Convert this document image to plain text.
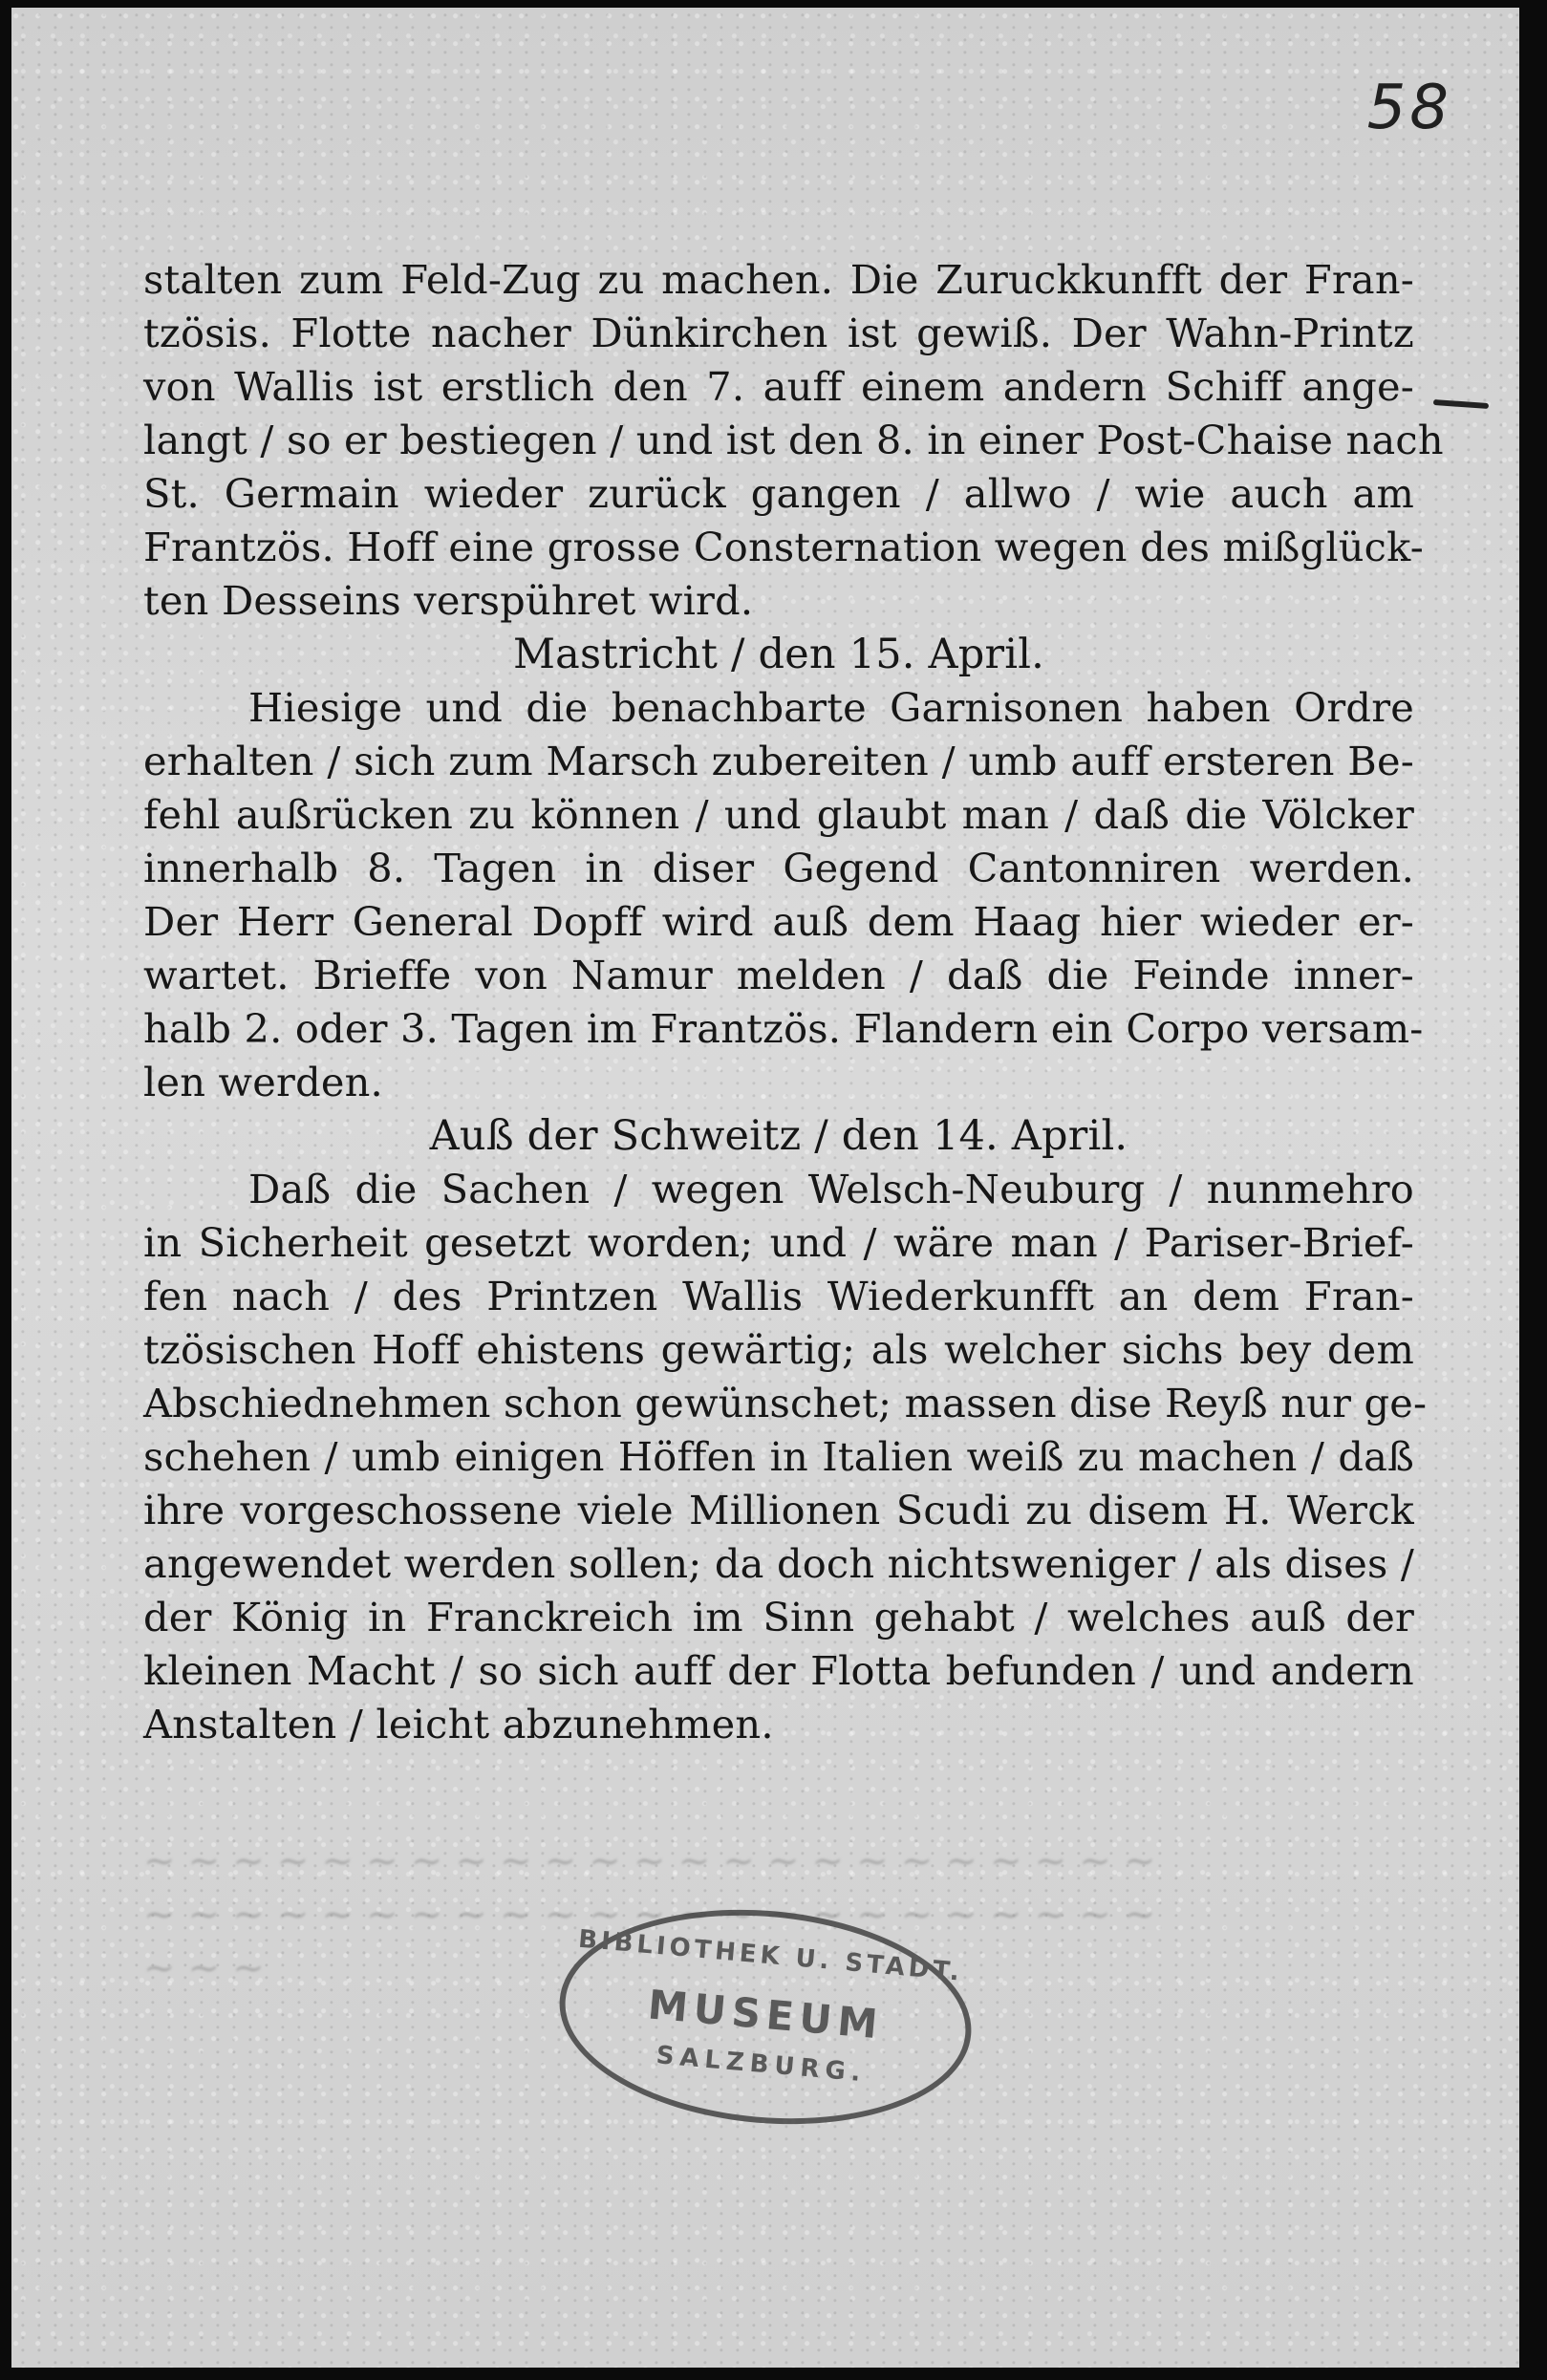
58
stalten zum Feld-Zug zu machen. Die Zuruckkunfft der Fran-
tzösis. Flotte nacher Dünkirchen ist gewiß. Der Wahn-Printz
von Wallis ist erstlich den 7. auff einem andern Schiff ange-
langt / so er bestiegen / und ist den 8. in einer Post-Chaise nach
St. Germain wieder zurück gangen / allwo / wie auch am
Frantzös. Hoff eine grosse Consternation wegen des mißglück-
ten Desseins verspühret wird.
Mastricht / den 15. April.
Hiesige und die benachbarte Garnisonen haben Ordre
erhalten / sich zum Marsch zubereiten / umb auff ersteren Be-
fehl außrücken zu können / und glaubt man / daß die Völcker
innerhalb 8. Tagen in diser Gegend Cantonniren werden.
Der Herr General Dopff wird auß dem Haag hier wieder er-
wartet. Brieffe von Namur melden / daß die Feinde inner-
halb 2. oder 3. Tagen im Frantzös. Flandern ein Corpo versam-
len werden.
Auß der Schweitz / den 14. April.
Daß die Sachen / wegen Welsch-Neuburg / nunmehro
in Sicherheit gesetzt worden; und / wäre man / Pariser-Brief-
fen nach / des Printzen Wallis Wiederkunfft an dem Fran-
tzösischen Hoff ehistens gewärtig; als welcher sichs bey dem
Abschiednehmen schon gewünschet; massen dise Reyß nur ge-
schehen / umb einigen Höffen in Italien weiß zu machen / daß
ihre vorgeschossene viele Millionen Scudi zu disem H. Werck
angewendet werden sollen; da doch nichtsweniger / als dises /
der König in Franckreich im Sinn gehabt / welches auß der
kleinen Macht / so sich auff der Flotta befunden / und andern
Anstalten / leicht abzunehmen.
~ ~ ~ ~ ~ ~ ~ ~ ~ ~ ~ ~ ~ ~ ~ ~ ~ ~ ~ ~ ~ ~ ~
~ ~ ~ ~ ~ ~ ~ ~ ~ ~ ~ ~ ~ ~ ~ ~ ~ ~ ~ ~ ~ ~ ~
~ ~ ~	BIBLIOTHEK U. STADT.
MUSEUM
SALZBURG.
